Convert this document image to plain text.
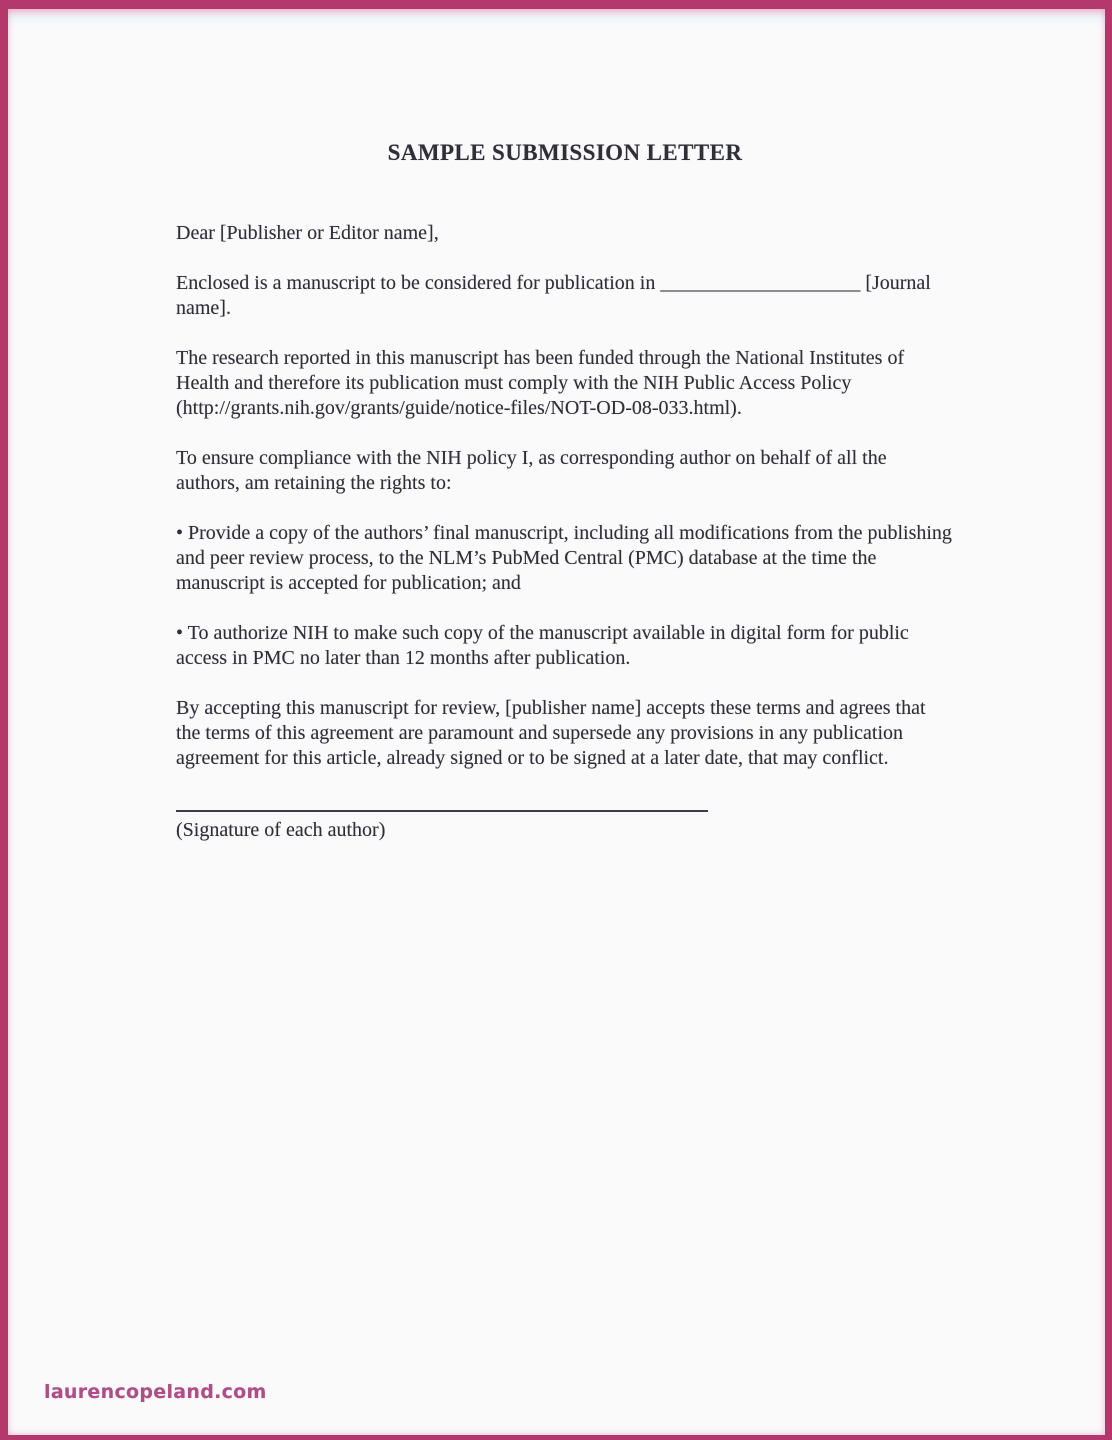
SAMPLE SUBMISSION LETTER

Dear [Publisher or Editor name],

Enclosed is a manuscript to be considered for publication in ____________________ [Journal name].

The research reported in this manuscript has been funded through the National Institutes of Health and therefore its publication must comply with the NIH Public Access Policy (http://grants.nih.gov/grants/guide/notice-files/NOT-OD-08-033.html).

To ensure compliance with the NIH policy I, as corresponding author on behalf of all the authors, am retaining the rights to:

• Provide a copy of the authors’ final manuscript, including all modifications from the publishing and peer review process, to the NLM’s PubMed Central (PMC) database at the time the manuscript is accepted for publication; and

• To authorize NIH to make such copy of the manuscript available in digital form for public access in PMC no later than 12 months after publication.

By accepting this manuscript for review, [publisher name] accepts these terms and agrees that the terms of this agreement are paramount and supersede any provisions in any publication agreement for this article, already signed or to be signed at a later date, that may conflict.

(Signature of each author)

laurencopeland.com
